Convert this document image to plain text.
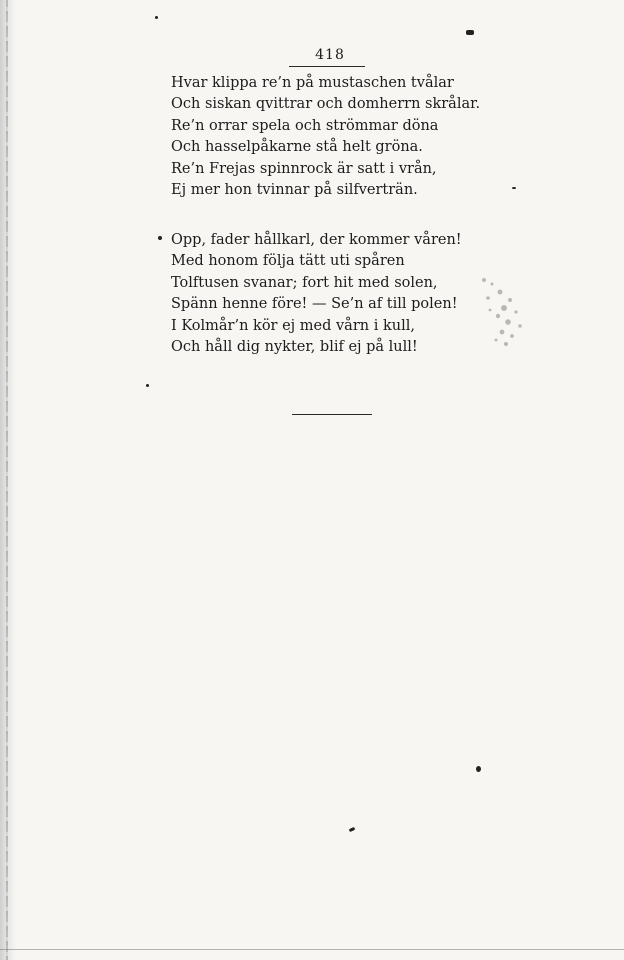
418
Hvar klippa re’n på mustaschen tvålar
Och siskan qvittrar och domherrn skrålar.
Re’n orrar spela och strömmar döna
Och hasselpåkarne stå helt gröna.
Re’n Frejas spinnrock är satt i vrån,
Ej mer hon tvinnar på silfverträn.
Opp, fader hållkarl, der kommer våren!
Med honom följa tätt uti spåren
Tolftusen svanar; fort hit med solen,
Spänn henne före! — Se’n af till polen!
I Kolmår’n kör ej med vårn i kull,
Och håll dig nykter, blif ej på lull!
